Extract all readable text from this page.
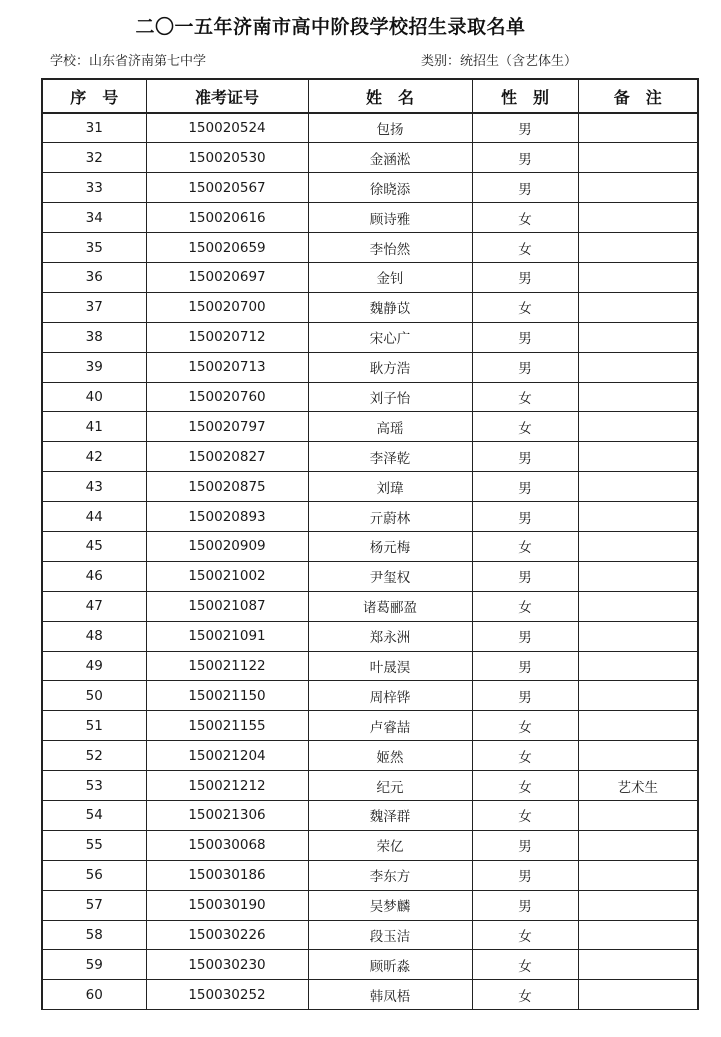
二〇一五年济南市高中阶段学校招生录取名单
学校：山东省济南第七中学	类别：统招生（含艺体生）
序　号	准考证号	姓　名	性　别	备　注
31	150020524	包扬	男	
32	150020530	金涵淞	男	
33	150020567	徐晓添	男	
34	150020616	顾诗雅	女	
35	150020659	李怡然	女	
36	150020697	金钊	男	
37	150020700	魏静苡	女	
38	150020712	宋心广	男	
39	150020713	耿方浩	男	
40	150020760	刘子怡	女	
41	150020797	高瑶	女	
42	150020827	李泽乾	男	
43	150020875	刘瑋	男	
44	150020893	亓蔚林	男	
45	150020909	杨元梅	女	
46	150021002	尹玺权	男	
47	150021087	诸葛郦盈	女	
48	150021091	郑永洲	男	
49	150021122	叶晟淏	男	
50	150021150	周梓铧	男	
51	150021155	卢睿喆	女	
52	150021204	姬然	女	
53	150021212	纪元	女	艺术生
54	150021306	魏泽群	女	
55	150030068	荣亿	男	
56	150030186	李东方	男	
57	150030190	吴梦麟	男	
58	150030226	段玉洁	女	
59	150030230	顾昕淼	女	
60	150030252	韩凤梧	女	
